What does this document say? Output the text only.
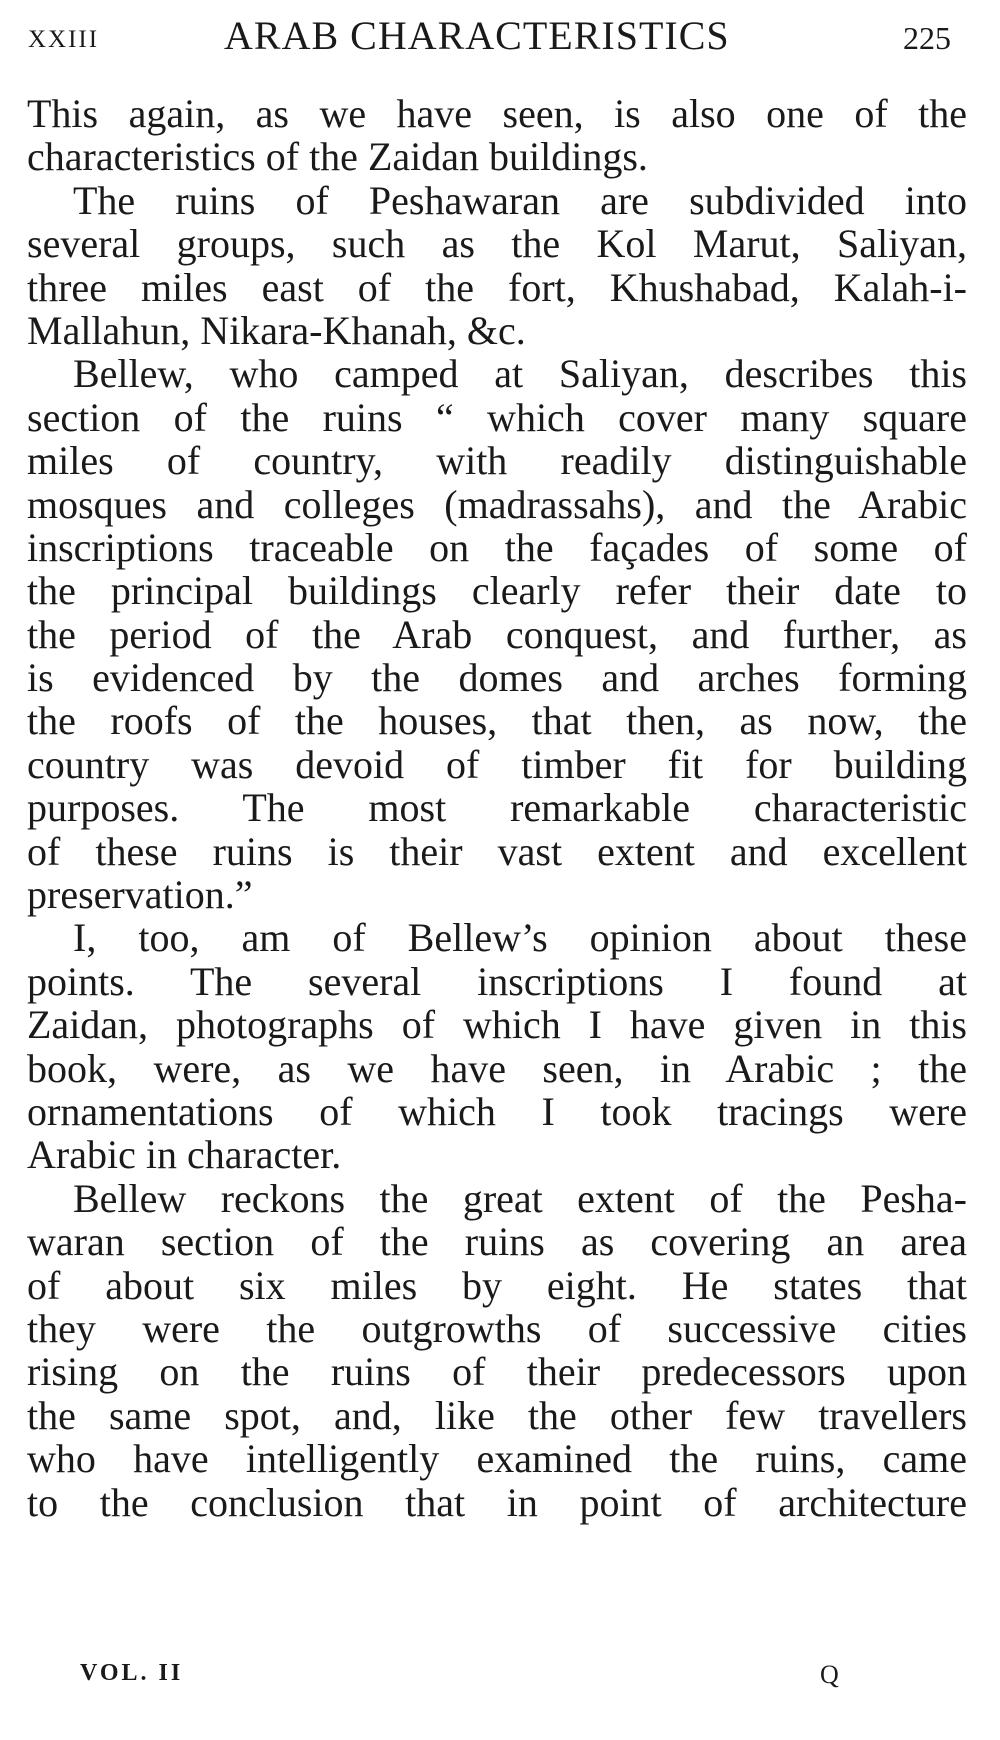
XXIII	ARAB CHARACTERISTICS	225
This again, as we have seen, is also one of the
characteristics of the Zaidan buildings.
The ruins of Peshawaran are subdivided into
several groups, such as the Kol Marut, Saliyan,
three miles east of the fort, Khushabad, Kalah-i-
Mallahun, Nikara-Khanah, &c.
Bellew, who camped at Saliyan, describes this
section of the ruins “ which cover many square
miles of country, with readily distinguishable
mosques and colleges (madrassahs), and the Arabic
inscriptions traceable on the façades of some of
the principal buildings clearly refer their date to
the period of the Arab conquest, and further, as
is evidenced by the domes and arches forming
the roofs of the houses, that then, as now, the
country was devoid of timber fit for building
purposes. The most remarkable characteristic
of these ruins is their vast extent and excellent
preservation.”
I, too, am of Bellew’s opinion about these
points. The several inscriptions I found at
Zaidan, photographs of which I have given in this
book, were, as we have seen, in Arabic ; the
ornamentations of which I took tracings were
Arabic in character.
Bellew reckons the great extent of the Pesha-
waran section of the ruins as covering an area
of about six miles by eight. He states that
they were the outgrowths of successive cities
rising on the ruins of their predecessors upon
the same spot, and, like the other few travellers
who have intelligently examined the ruins, came
to the conclusion that in point of architecture
VOL. II	Q
